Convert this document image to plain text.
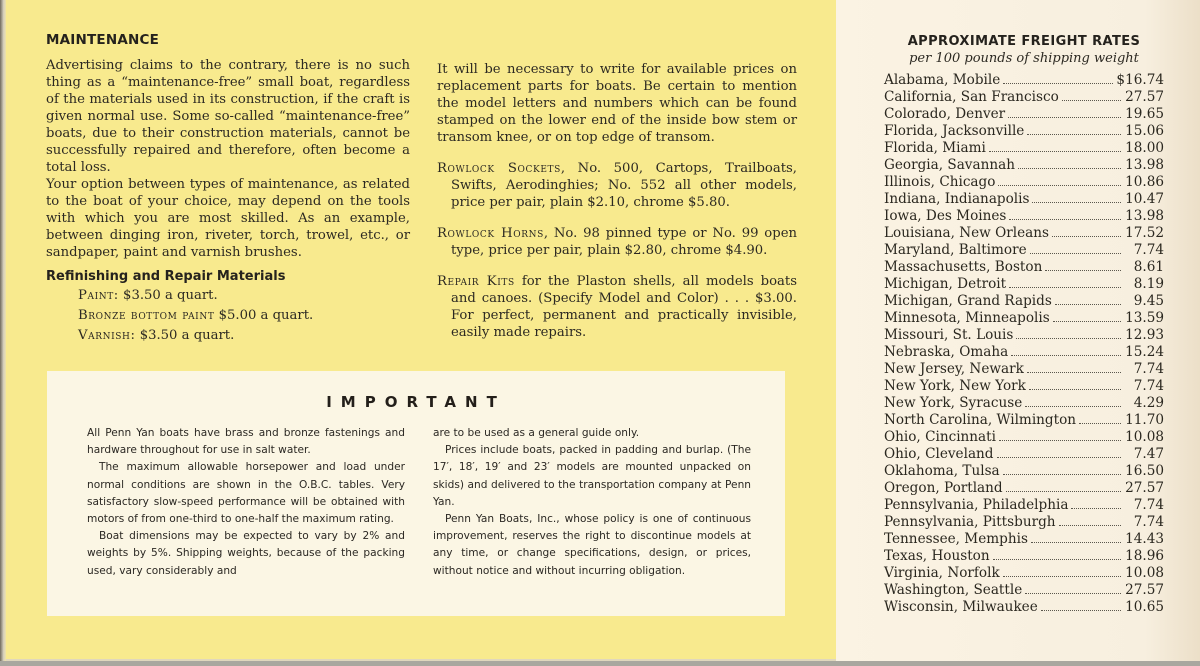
MAINTENANCE

Advertising claims to the contrary, there is no such thing as a “maintenance-free” small boat, regardless of the materials used in its construction, if the craft is given normal use. Some so-called “maintenance-free” boats, due to their construction materials, cannot be successfully repaired and therefore, often become a total loss.

Your option between types of maintenance, as related to the boat of your choice, may depend on the tools with which you are most skilled. As an example, between dinging iron, riveter, torch, trowel, etc., or sandpaper, paint and varnish brushes.

Refinishing and Repair Materials
Paint: $3.50 a quart.
Bronze bottom paint $5.00 a quart.
Varnish: $3.50 a quart.

It will be necessary to write for available prices on replacement parts for boats. Be certain to mention the model letters and numbers which can be found stamped on the lower end of the inside bow stem or transom knee, or on top edge of transom.

Rowlock Sockets, No. 500, Cartops, Trailboats, Swifts, Aerodinghies; No. 552 all other models, price per pair, plain $2.10, chrome $5.80.

Rowlock Horns, No. 98 pinned type or No. 99 open type, price per pair, plain $2.80, chrome $4.90.

Repair Kits for the Plaston shells, all models boats and canoes. (Specify Model and Color) . . . $3.00. For perfect, permanent and practically invisible, easily made repairs.

IMPORTANT

All Penn Yan boats have brass and bronze fastenings and hardware throughout for use in salt water.

The maximum allowable horsepower and load under normal conditions are shown in the O.B.C. tables. Very satisfactory slow-speed performance will be obtained with motors of from one-third to one-half the maximum rating.

Boat dimensions may be expected to vary by 2% and weights by 5%. Shipping weights, because of the packing used, vary considerably and

are to be used as a general guide only.

Prices include boats, packed in padding and burlap. (The 17′, 18′, 19′ and 23′ models are mounted unpacked on skids) and delivered to the transportation company at Penn Yan.

Penn Yan Boats, Inc., whose policy is one of continuous improvement, reserves the right to discontinue models at any time, or change specifications, design, or prices, without notice and without incurring obligation.

APPROXIMATE FREIGHT RATES
per 100 pounds of shipping weight
Alabama, Mobile	$16.74
California, San Francisco	27.57
Colorado, Denver	19.65
Florida, Jacksonville	15.06
Florida, Miami	18.00
Georgia, Savannah	13.98
Illinois, Chicago	10.86
Indiana, Indianapolis	10.47
Iowa, Des Moines	13.98
Louisiana, New Orleans	17.52
Maryland, Baltimore	7.74
Massachusetts, Boston	8.61
Michigan, Detroit	8.19
Michigan, Grand Rapids	9.45
Minnesota, Minneapolis	13.59
Missouri, St. Louis	12.93
Nebraska, Omaha	15.24
New Jersey, Newark	7.74
New York, New York	7.74
New York, Syracuse	4.29
North Carolina, Wilmington	11.70
Ohio, Cincinnati	10.08
Ohio, Cleveland	7.47
Oklahoma, Tulsa	16.50
Oregon, Portland	27.57
Pennsylvania, Philadelphia	7.74
Pennsylvania, Pittsburgh	7.74
Tennessee, Memphis	14.43
Texas, Houston	18.96
Virginia, Norfolk	10.08
Washington, Seattle	27.57
Wisconsin, Milwaukee	10.65
